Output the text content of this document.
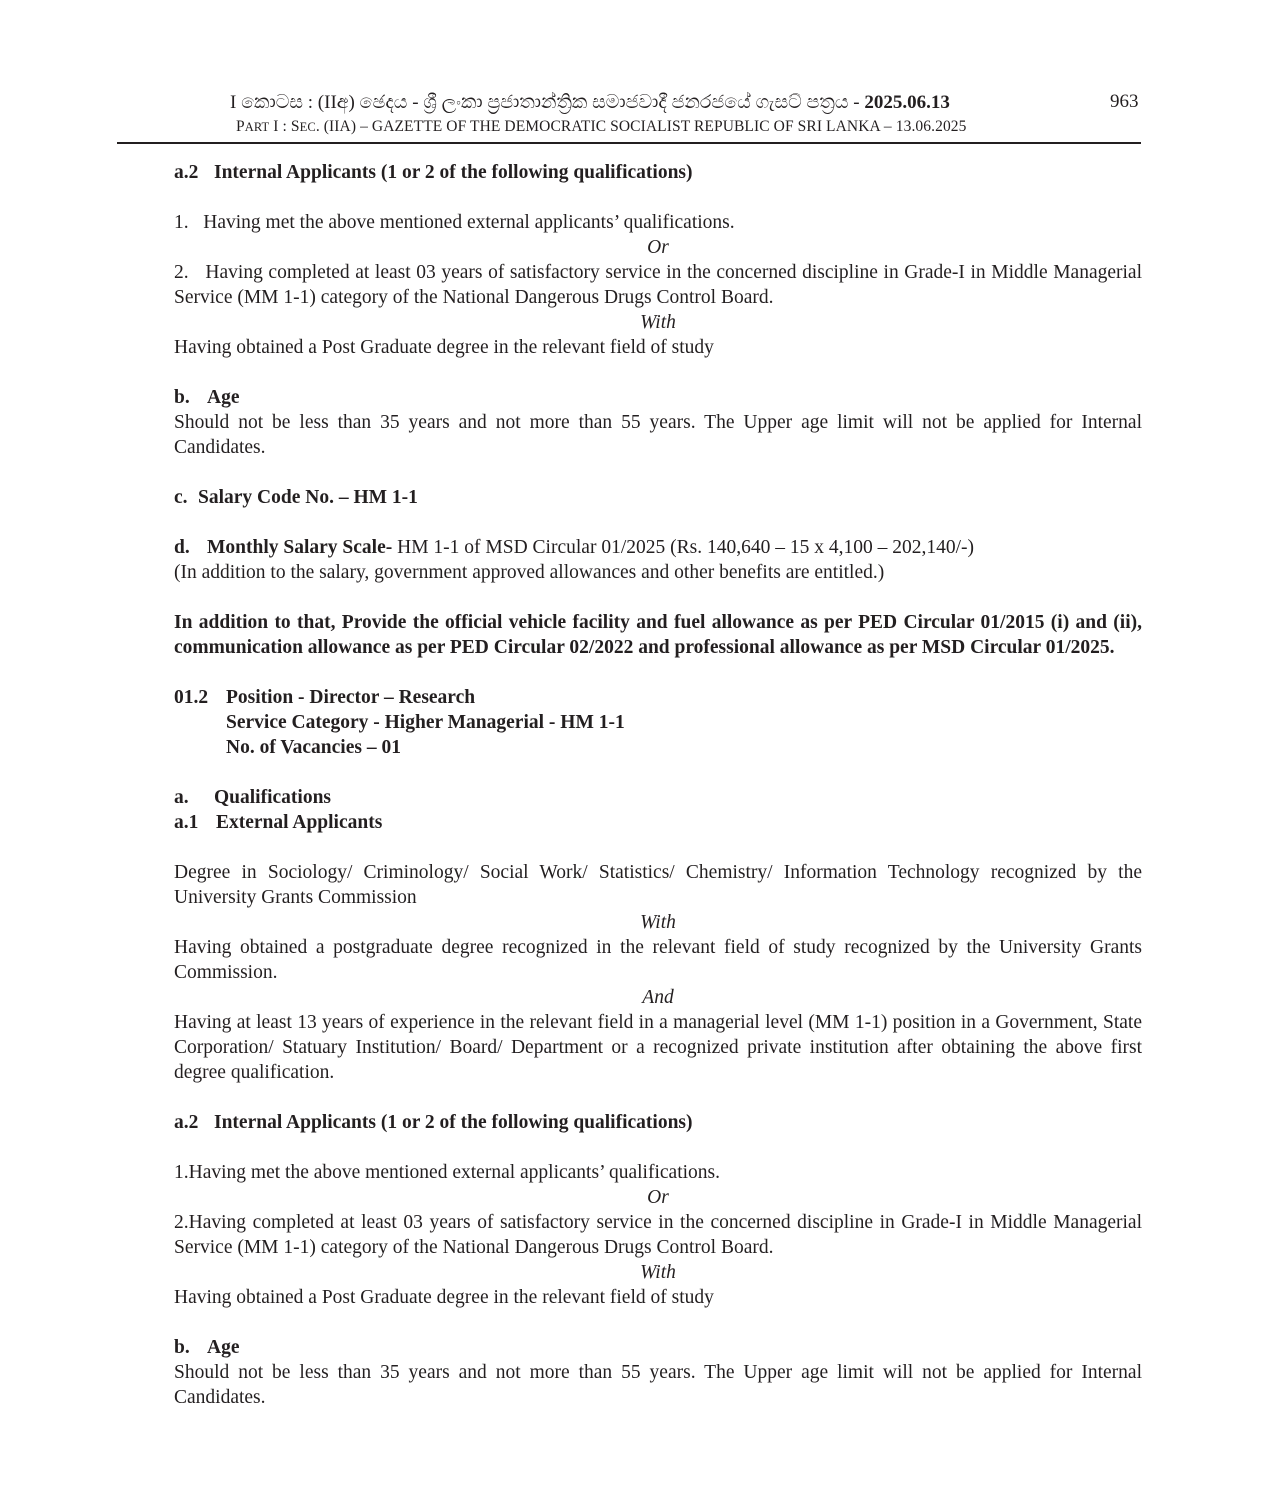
I කොටස : (IIඅ) ඡෙදය - ශ්‍රී ලංකා ප්‍රජාතාන්ත්‍රික සමාජවාදී ජනරජයේ ගැසට් පත්‍රය - 2025.06.13
PART I : SEC. (IIA) – GAZETTE OF THE DEMOCRATIC SOCIALIST REPUBLIC OF SRI LANKA – 13.06.2025
963

a.2 Internal Applicants (1 or 2 of the following qualifications)

1.   Having met the above mentioned external applicants’ qualifications.

Or

2.   Having completed at least 03 years of satisfactory service in the concerned discipline in Grade-I in Middle Managerial Service (MM 1-1) category of the National Dangerous Drugs Control Board.

With

Having obtained a Post Graduate degree in the relevant field of study

b. Age

Should not be less than 35 years and not more than 55 years. The Upper age limit will not be applied for Internal Candidates.

c. Salary Code No. – HM 1-1

d. Monthly Salary Scale- HM 1-1 of MSD Circular 01/2025 (Rs. 140,640 – 15 x 4,100 – 202,140/-)

(In addition to the salary, government approved allowances and other benefits are entitled.)

In addition to that, Provide the official vehicle facility and fuel allowance as per PED Circular 01/2015 (i) and (ii), communication allowance as per PED Circular 02/2022 and professional allowance as per MSD Circular 01/2025.

01.2 Position - Director – Research

Service Category - Higher Managerial - HM 1-1

No. of Vacancies – 01

a. Qualifications

a.1 External Applicants

Degree in Sociology/ Criminology/ Social Work/ Statistics/ Chemistry/ Information Technology recognized by the University Grants Commission

With

Having obtained a postgraduate degree recognized in the relevant field of study recognized by the University Grants Commission.

And

Having at least 13 years of experience in the relevant field in a managerial level (MM 1-1) position in a Government, State Corporation/ Statuary Institution/ Board/ Department or a recognized private institution after obtaining the above first degree qualification.

a.2 Internal Applicants (1 or 2 of the following qualifications)

1.Having met the above mentioned external applicants’ qualifications.

Or

2.Having completed at least 03 years of satisfactory service in the concerned discipline in Grade-I in Middle Managerial Service (MM 1-1) category of the National Dangerous Drugs Control Board.

With

Having obtained a Post Graduate degree in the relevant field of study

b. Age

Should not be less than 35 years and not more than 55 years. The Upper age limit will not be applied for Internal Candidates.
